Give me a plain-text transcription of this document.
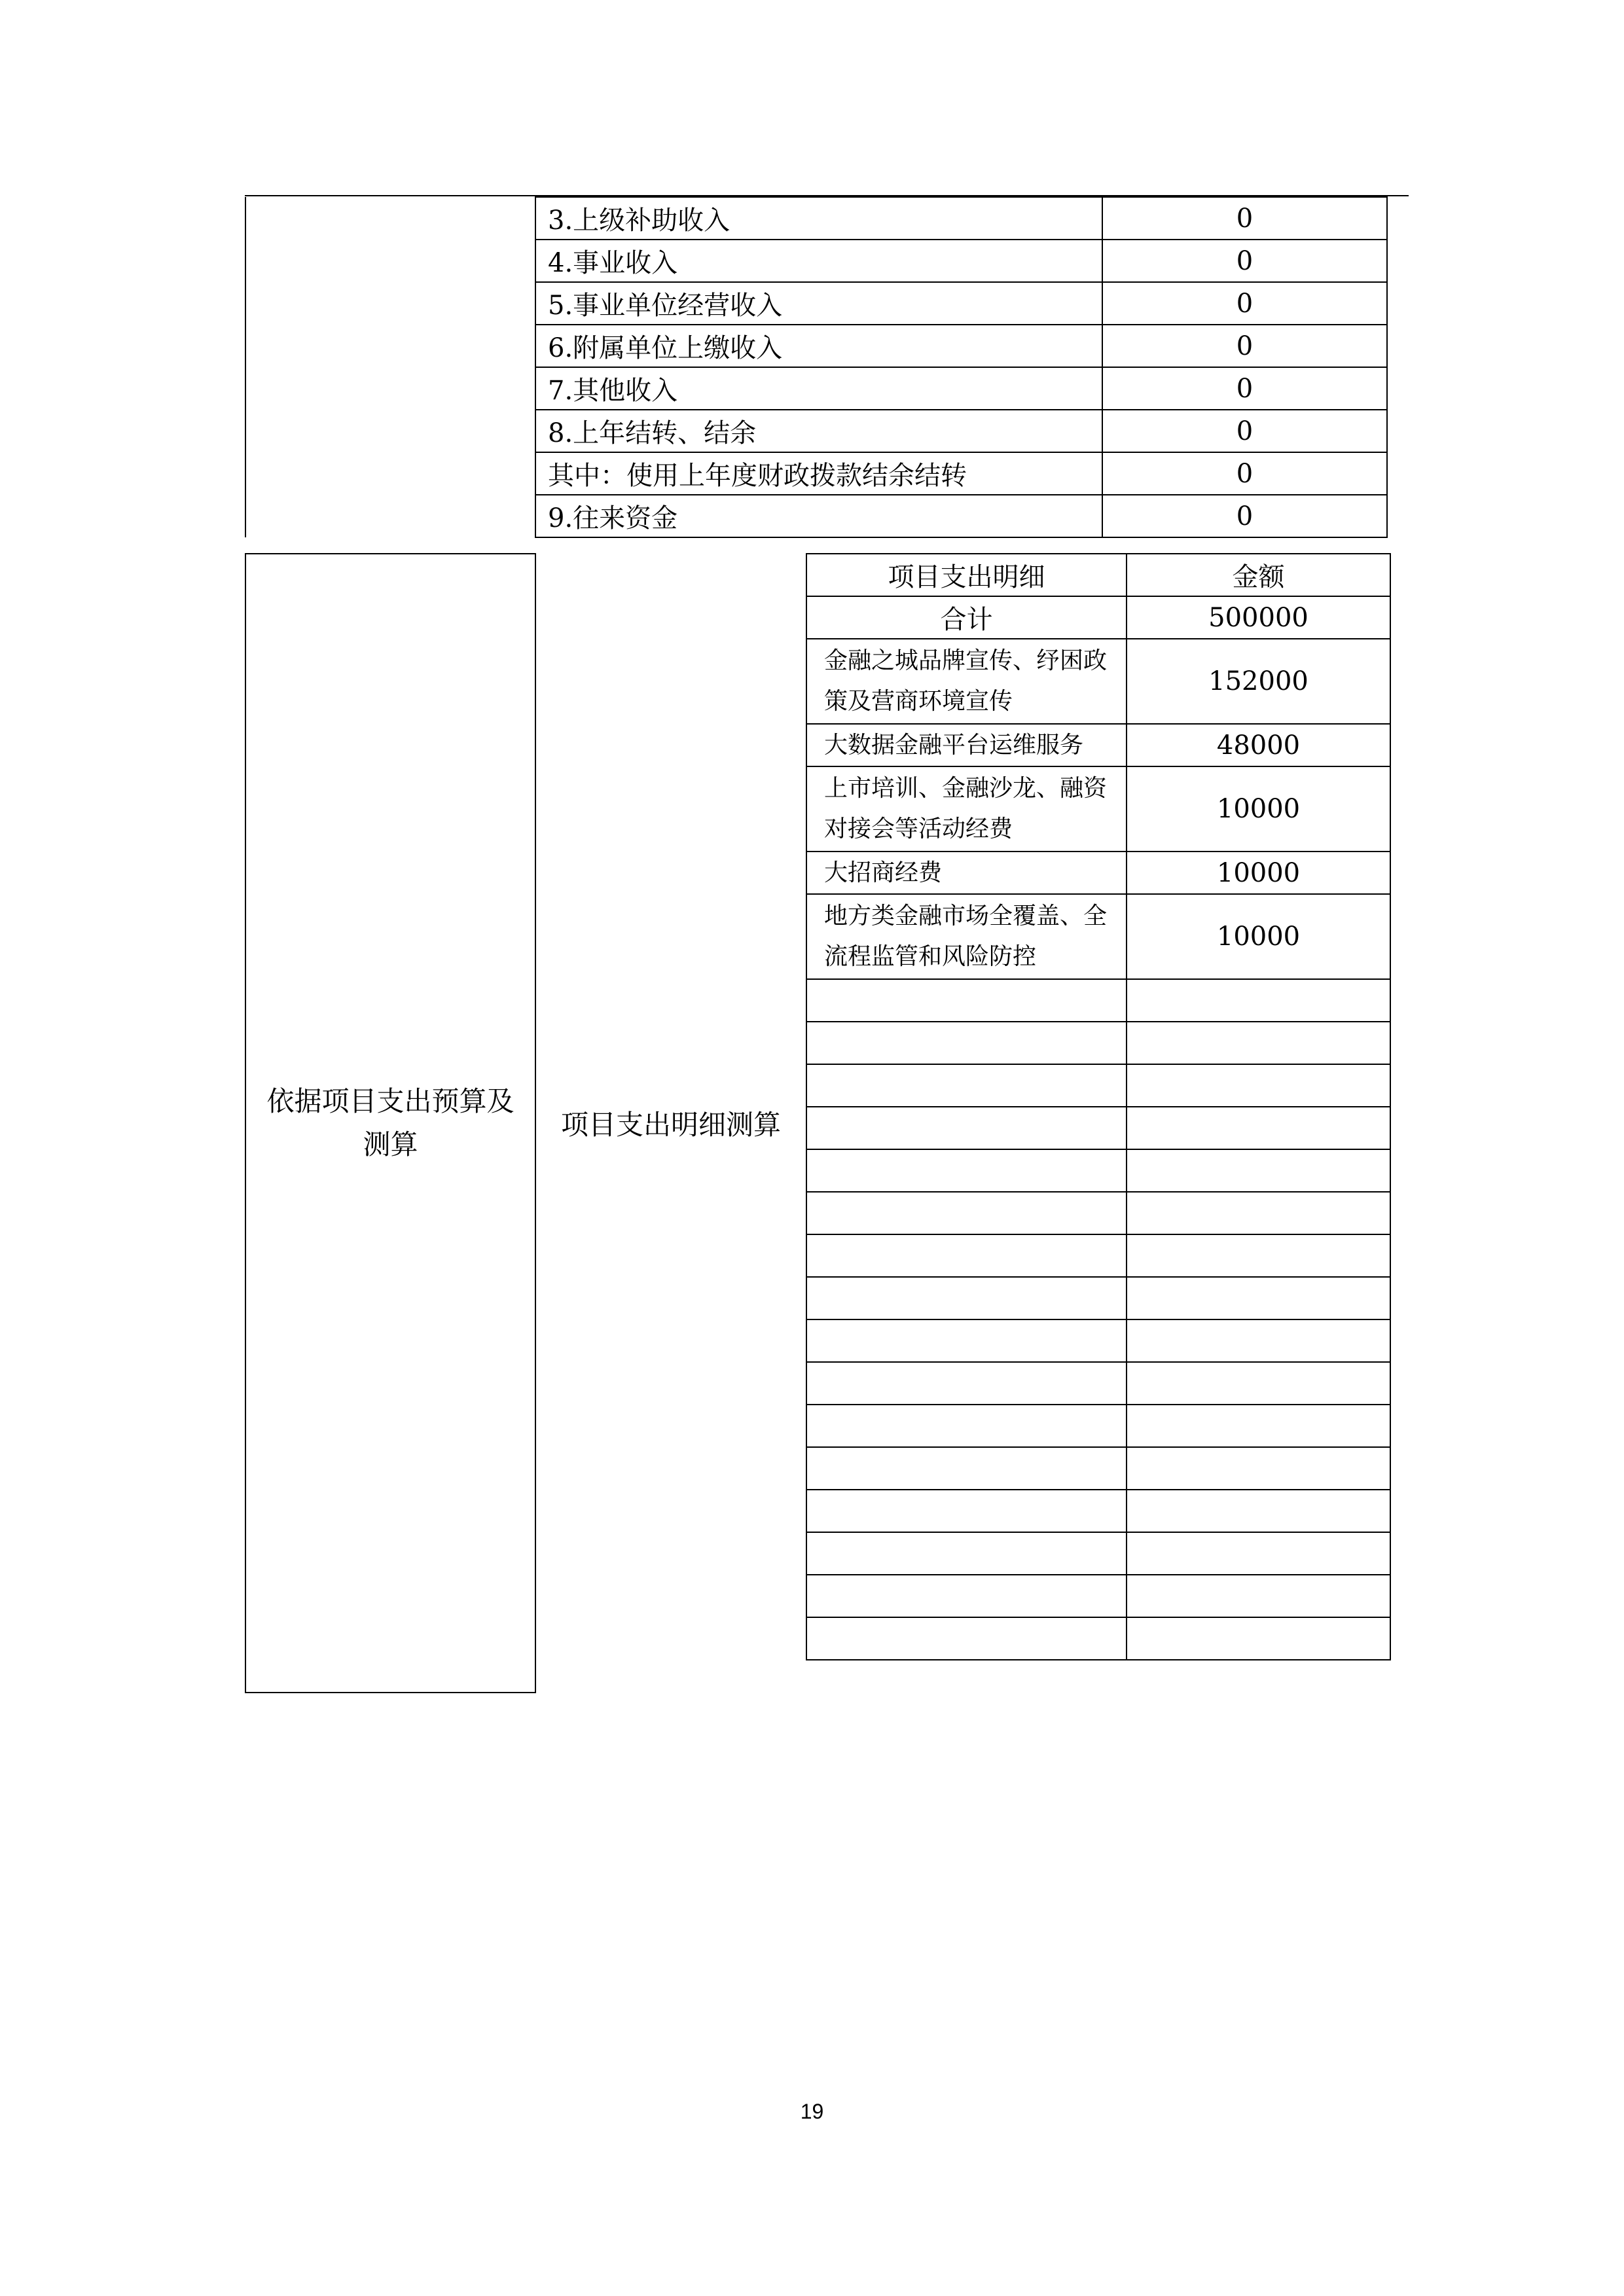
	3.上级补助收入	0
	4.事业收入	0
	5.事业单位经营收入	0
	6.附属单位上缴收入	0
	7.其他收入	0
	8.上年结转、结余	0
	其中：使用上年度财政拨款结余结转	0
	9.往来资金	0
依据项目支出预算及测算
项目支出明细测算
项目支出明细	金额
合计	500000
金融之城品牌宣传、纾困政策及营商环境宣传	152000
大数据金融平台运维服务	48000
上市培训、金融沙龙、融资对接会等活动经费	10000
大招商经费	10000
地方类金融市场全覆盖、全流程监管和风险防控	10000

19
